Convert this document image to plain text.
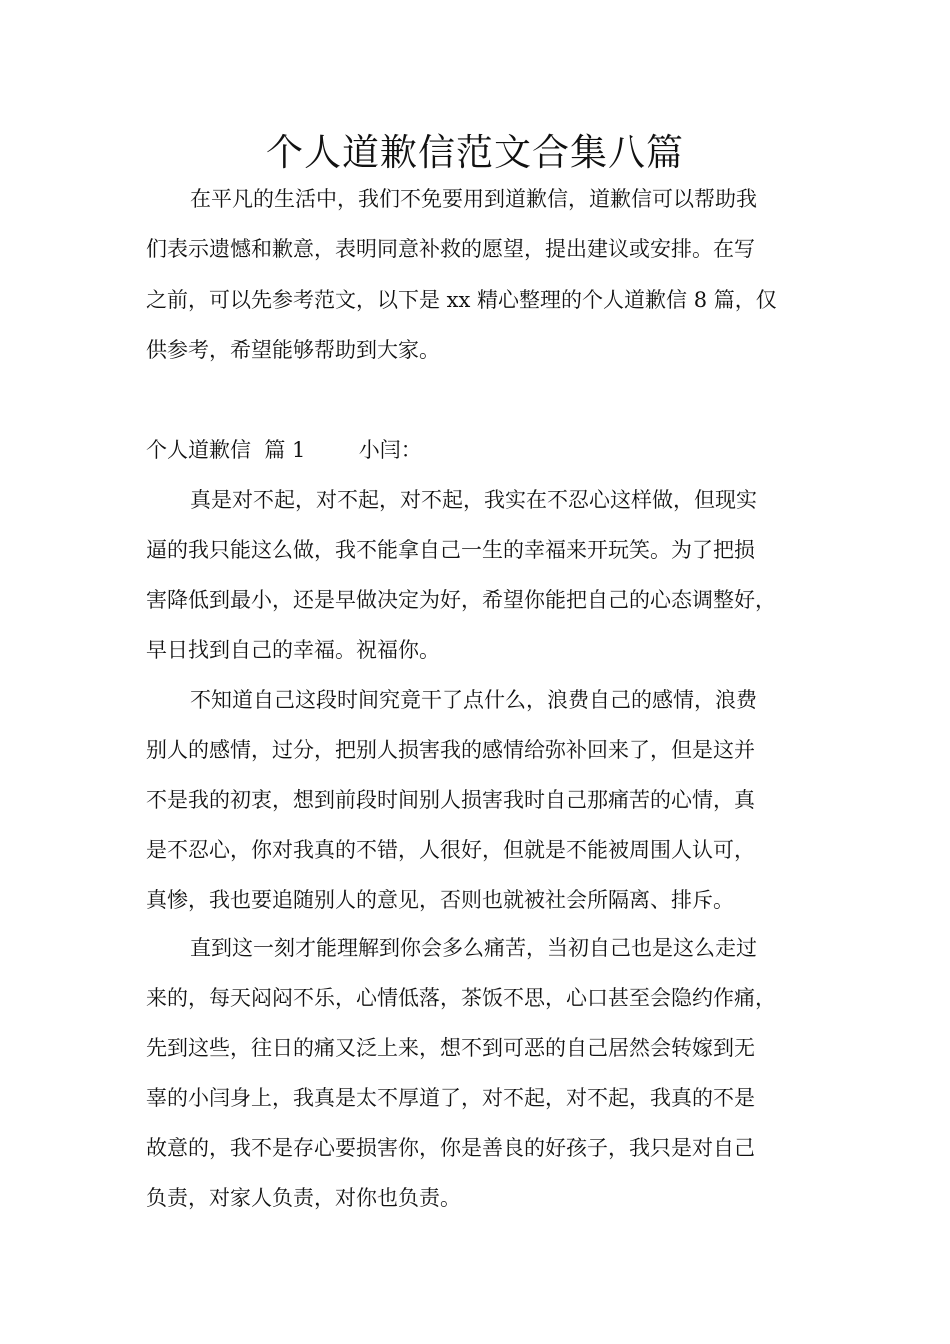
个人道歉信范文合集八篇
在平凡的生活中，我们不免要用到道歉信，道歉信可以帮助我
们表示遗憾和歉意，表明同意补救的愿望，提出建议或安排。在写
之前，可以先参考范文，以下是 xx 精心整理的个人道歉信 8 篇，仅
供参考，希望能够帮助到大家。
个人道歉信  篇 1        小闫：
真是对不起，对不起，对不起，我实在不忍心这样做，但现实
逼的我只能这么做，我不能拿自己一生的幸福来开玩笑。为了把损
害降低到最小，还是早做决定为好，希望你能把自己的心态调整好，
早日找到自己的幸福。祝福你。
不知道自己这段时间究竟干了点什么，浪费自己的感情，浪费
别人的感情，过分，把别人损害我的感情给弥补回来了，但是这并
不是我的初衷，想到前段时间别人损害我时自己那痛苦的心情，真
是不忍心，你对我真的不错，人很好，但就是不能被周围人认可，
真惨，我也要追随别人的意见，否则也就被社会所隔离、排斥。
直到这一刻才能理解到你会多么痛苦，当初自己也是这么走过
来的，每天闷闷不乐，心情低落，茶饭不思，心口甚至会隐约作痛，
先到这些，往日的痛又泛上来，想不到可恶的自己居然会转嫁到无
辜的小闫身上，我真是太不厚道了，对不起，对不起，我真的不是
故意的，我不是存心要损害你，你是善良的好孩子，我只是对自己
负责，对家人负责，对你也负责。
